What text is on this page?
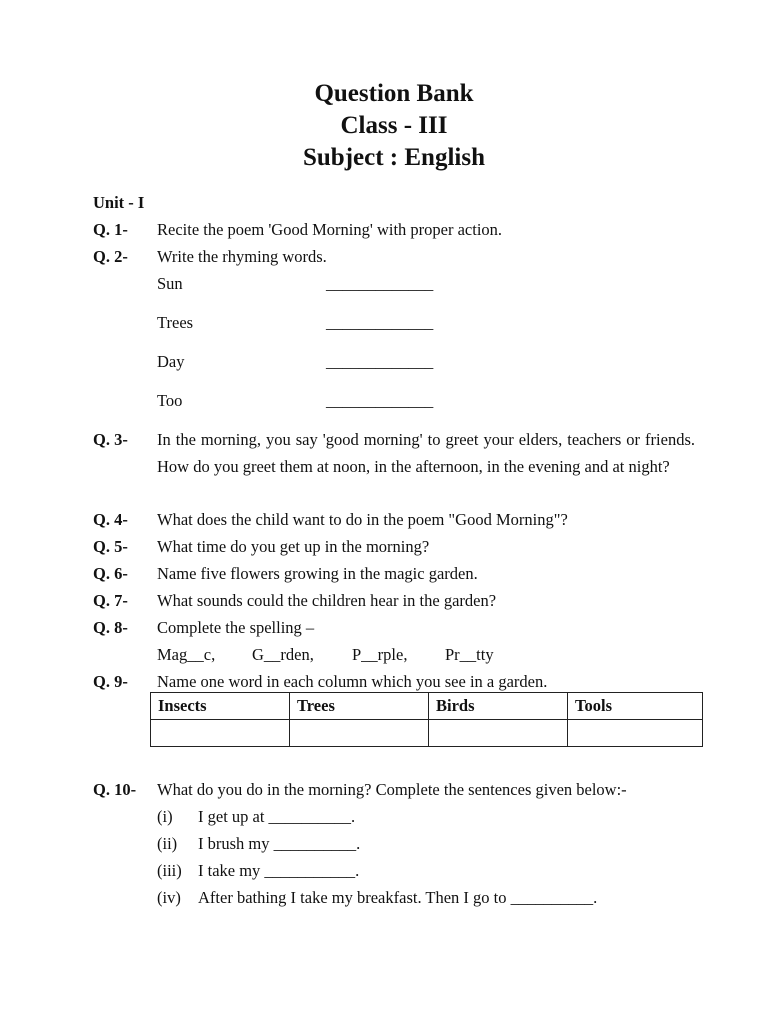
Question Bank
Class - III
Subject : English
Unit - I
Q. 1- Recite the poem 'Good Morning' with proper action.
Q. 2- Write the rhyming words.
Sun	_____________
Trees	_____________
Day	_____________
Too	_____________
Q. 3- In the morning, you say 'good morning' to greet your elders, teachers or friends. How do you greet them at noon, in the afternoon, in the evening and at night?
Q. 4- What does the child want to do in the poem "Good Morning"?
Q. 5- What time do you get up in the morning?
Q. 6- Name five flowers growing in the magic garden.
Q. 7- What sounds could the children hear in the garden?
Q. 8- Complete the spelling –
Mag__c, G__rden, P__rple, Pr__tty
Q. 9- Name one word in each column which you see in a garden.
Insects	Trees	Birds	Tools

Q. 10- What do you do in the morning? Complete the sentences given below:-
(i) I get up at __________.
(ii) I brush my __________.
(iii) I take my ___________.
(iv) After bathing I take my breakfast. Then I go to __________.
